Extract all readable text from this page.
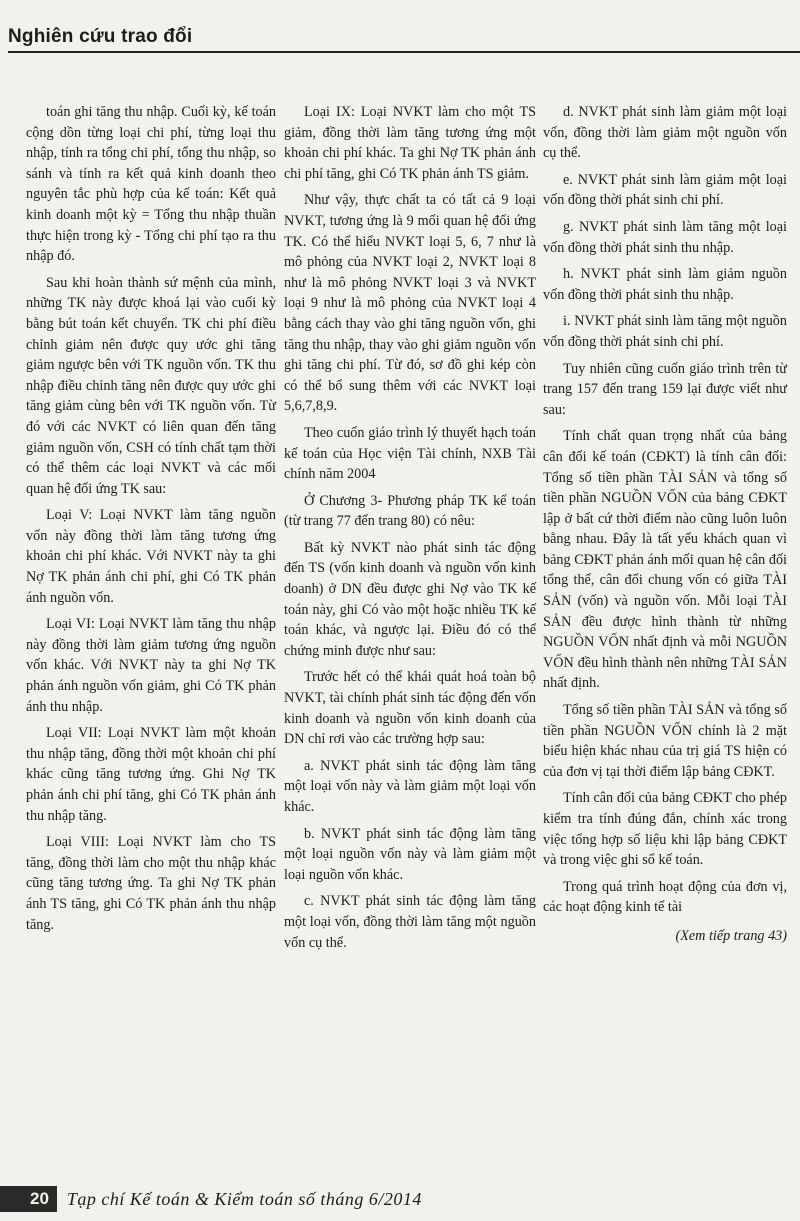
Nghiên cứu trao đổi

toán ghi tăng thu nhập. Cuối kỳ, kế toán cộng dồn từng loại chi phí, từng loại thu nhập, tính ra tổng chi phí, tổng thu nhập, so sánh và tính ra kết quả kinh doanh theo nguyên tắc phù hợp của kế toán: Kết quả kinh doanh một kỳ = Tổng thu nhập thuần thực hiện trong kỳ - Tổng chi phí tạo ra thu nhập đó.

Sau khi hoàn thành sứ mệnh của mình, những TK này được khoá lại vào cuối kỳ bằng bút toán kết chuyển. TK chi phí điều chỉnh giảm nên được quy ước ghi tăng giảm ngược bên với TK nguồn vốn. TK thu nhập điều chỉnh tăng nên được quy ước ghi tăng giảm cùng bên với TK nguồn vốn. Từ đó với các NVKT có liên quan đến tăng giảm nguồn vốn, CSH có tính chất tạm thời có thể thêm các loại NVKT và các mối quan hệ đối ứng TK sau:

Loại V: Loại NVKT làm tăng nguồn vốn này đồng thời làm tăng tương ứng khoản chi phí khác. Với NVKT này ta ghi Nợ TK phản ánh chi phí, ghi Có TK phản ánh nguồn vốn.

Loại VI: Loại NVKT làm tăng thu nhập này đồng thời làm giảm tương ứng nguồn vốn khác. Với NVKT này ta ghi Nợ TK phản ánh nguồn vốn giảm, ghi Có TK phản ánh thu nhập.

Loại VII: Loại NVKT làm một khoản thu nhập tăng, đồng thời một khoản chi phí khác cũng tăng tương ứng. Ghi Nợ TK phản ánh chi phí tăng, ghi Có TK phản ánh thu nhập tăng.

Loại VIII: Loại NVKT làm cho TS tăng, đồng thời làm cho một thu nhập khác cũng tăng tương ứng. Ta ghi Nợ TK phản ánh TS tăng, ghi Có TK phản ánh thu nhập tăng.

Loại IX: Loại NVKT làm cho một TS giảm, đồng thời làm tăng tương ứng một khoản chi phí khác. Ta ghi Nợ TK phản ánh chi phí tăng, ghi Có TK phản ánh TS giảm.

Như vậy, thực chất ta có tất cả 9 loại NVKT, tương ứng là 9 mối quan hệ đối ứng TK. Có thể hiểu NVKT loại 5, 6, 7 như là mô phỏng của NVKT loại 2, NVKT loại 8 như là mô phỏng NVKT loại 3 và NVKT loại 9 như là mô phỏng của NVKT loại 4 bằng cách thay vào ghi tăng nguồn vốn, ghi tăng thu nhập, thay vào ghi giảm nguồn vốn ghi tăng chi phí. Từ đó, sơ đồ ghi kép còn có thể bổ sung thêm với các NVKT loại 5,6,7,8,9.

Theo cuốn giáo trình lý thuyết hạch toán kế toán của Học viện Tài chính, NXB Tài chính năm 2004

Ở Chương 3- Phương pháp TK kế toán (từ trang 77 đến trang 80) có nêu:

Bất kỳ NVKT nào phát sinh tác động đến TS (vốn kinh doanh và nguồn vốn kinh doanh) ở DN đều được ghi Nợ vào TK kế toán này, ghi Có vào một hoặc nhiều TK kế toán khác, và ngược lại. Điều đó có thể chứng minh được như sau:

Trước hết có thể khái quát hoá toàn bộ NVKT, tài chính phát sinh tác động đến vốn kinh doanh và nguồn vốn kinh doanh của DN chỉ rơi vào các trường hợp sau:

a. NVKT phát sinh tác động làm tăng một loại vốn này và làm giảm một loại vốn khác.

b. NVKT phát sinh tác động làm tăng một loại nguồn vốn này và làm giảm một loại nguồn vốn khác.

c. NVKT phát sinh tác động làm tăng một loại vốn, đồng thời làm tăng một nguồn vốn cụ thể.

d. NVKT phát sinh làm giảm một loại vốn, đồng thời làm giảm một nguồn vốn cụ thể.

e. NVKT phát sinh làm giảm một loại vốn đồng thời phát sinh chi phí.

g. NVKT phát sinh làm tăng một loại vốn đồng thời phát sinh thu nhập.

h. NVKT phát sinh làm giảm nguồn vốn đồng thời phát sinh thu nhập.

i. NVKT phát sinh làm tăng một nguồn vốn đồng thời phát sinh chi phí.

Tuy nhiên cũng cuốn giáo trình trên từ trang 157 đến trang 159 lại được viết như sau:

Tính chất quan trọng nhất của bảng cân đối kế toán (CĐKT) là tính cân đối: Tổng số tiền phần TÀI SẢN và tổng số tiền phần NGUỒN VỐN của bảng CĐKT lập ở bất cứ thời điểm nào cũng luôn luôn bằng nhau. Đây là tất yếu khách quan vì bảng CĐKT phản ánh mối quan hệ cân đối tổng thể, cân đối chung vốn có giữa TÀI SẢN (vốn) và nguồn vốn. Mỗi loại TÀI SẢN đều được hình thành từ những NGUỒN VỐN nhất định và mỗi NGUỒN VỐN đều hình thành nên những TÀI SẢN nhất định.

Tổng số tiền phần TÀI SẢN và tổng số tiền phần NGUỒN VỐN chính là 2 mặt biểu hiện khác nhau của trị giá TS hiện có của đơn vị tại thời điểm lập bảng CĐKT.

Tính cân đối của bảng CĐKT cho phép kiểm tra tính đúng đắn, chính xác trong việc tổng hợp số liệu khi lập bảng CĐKT và trong việc ghi sổ kế toán.

Trong quá trình hoạt động của đơn vị, các hoạt động kinh tế tài

(Xem tiếp trang 43)

20	Tạp chí Kế toán & Kiểm toán số tháng 6/2014
